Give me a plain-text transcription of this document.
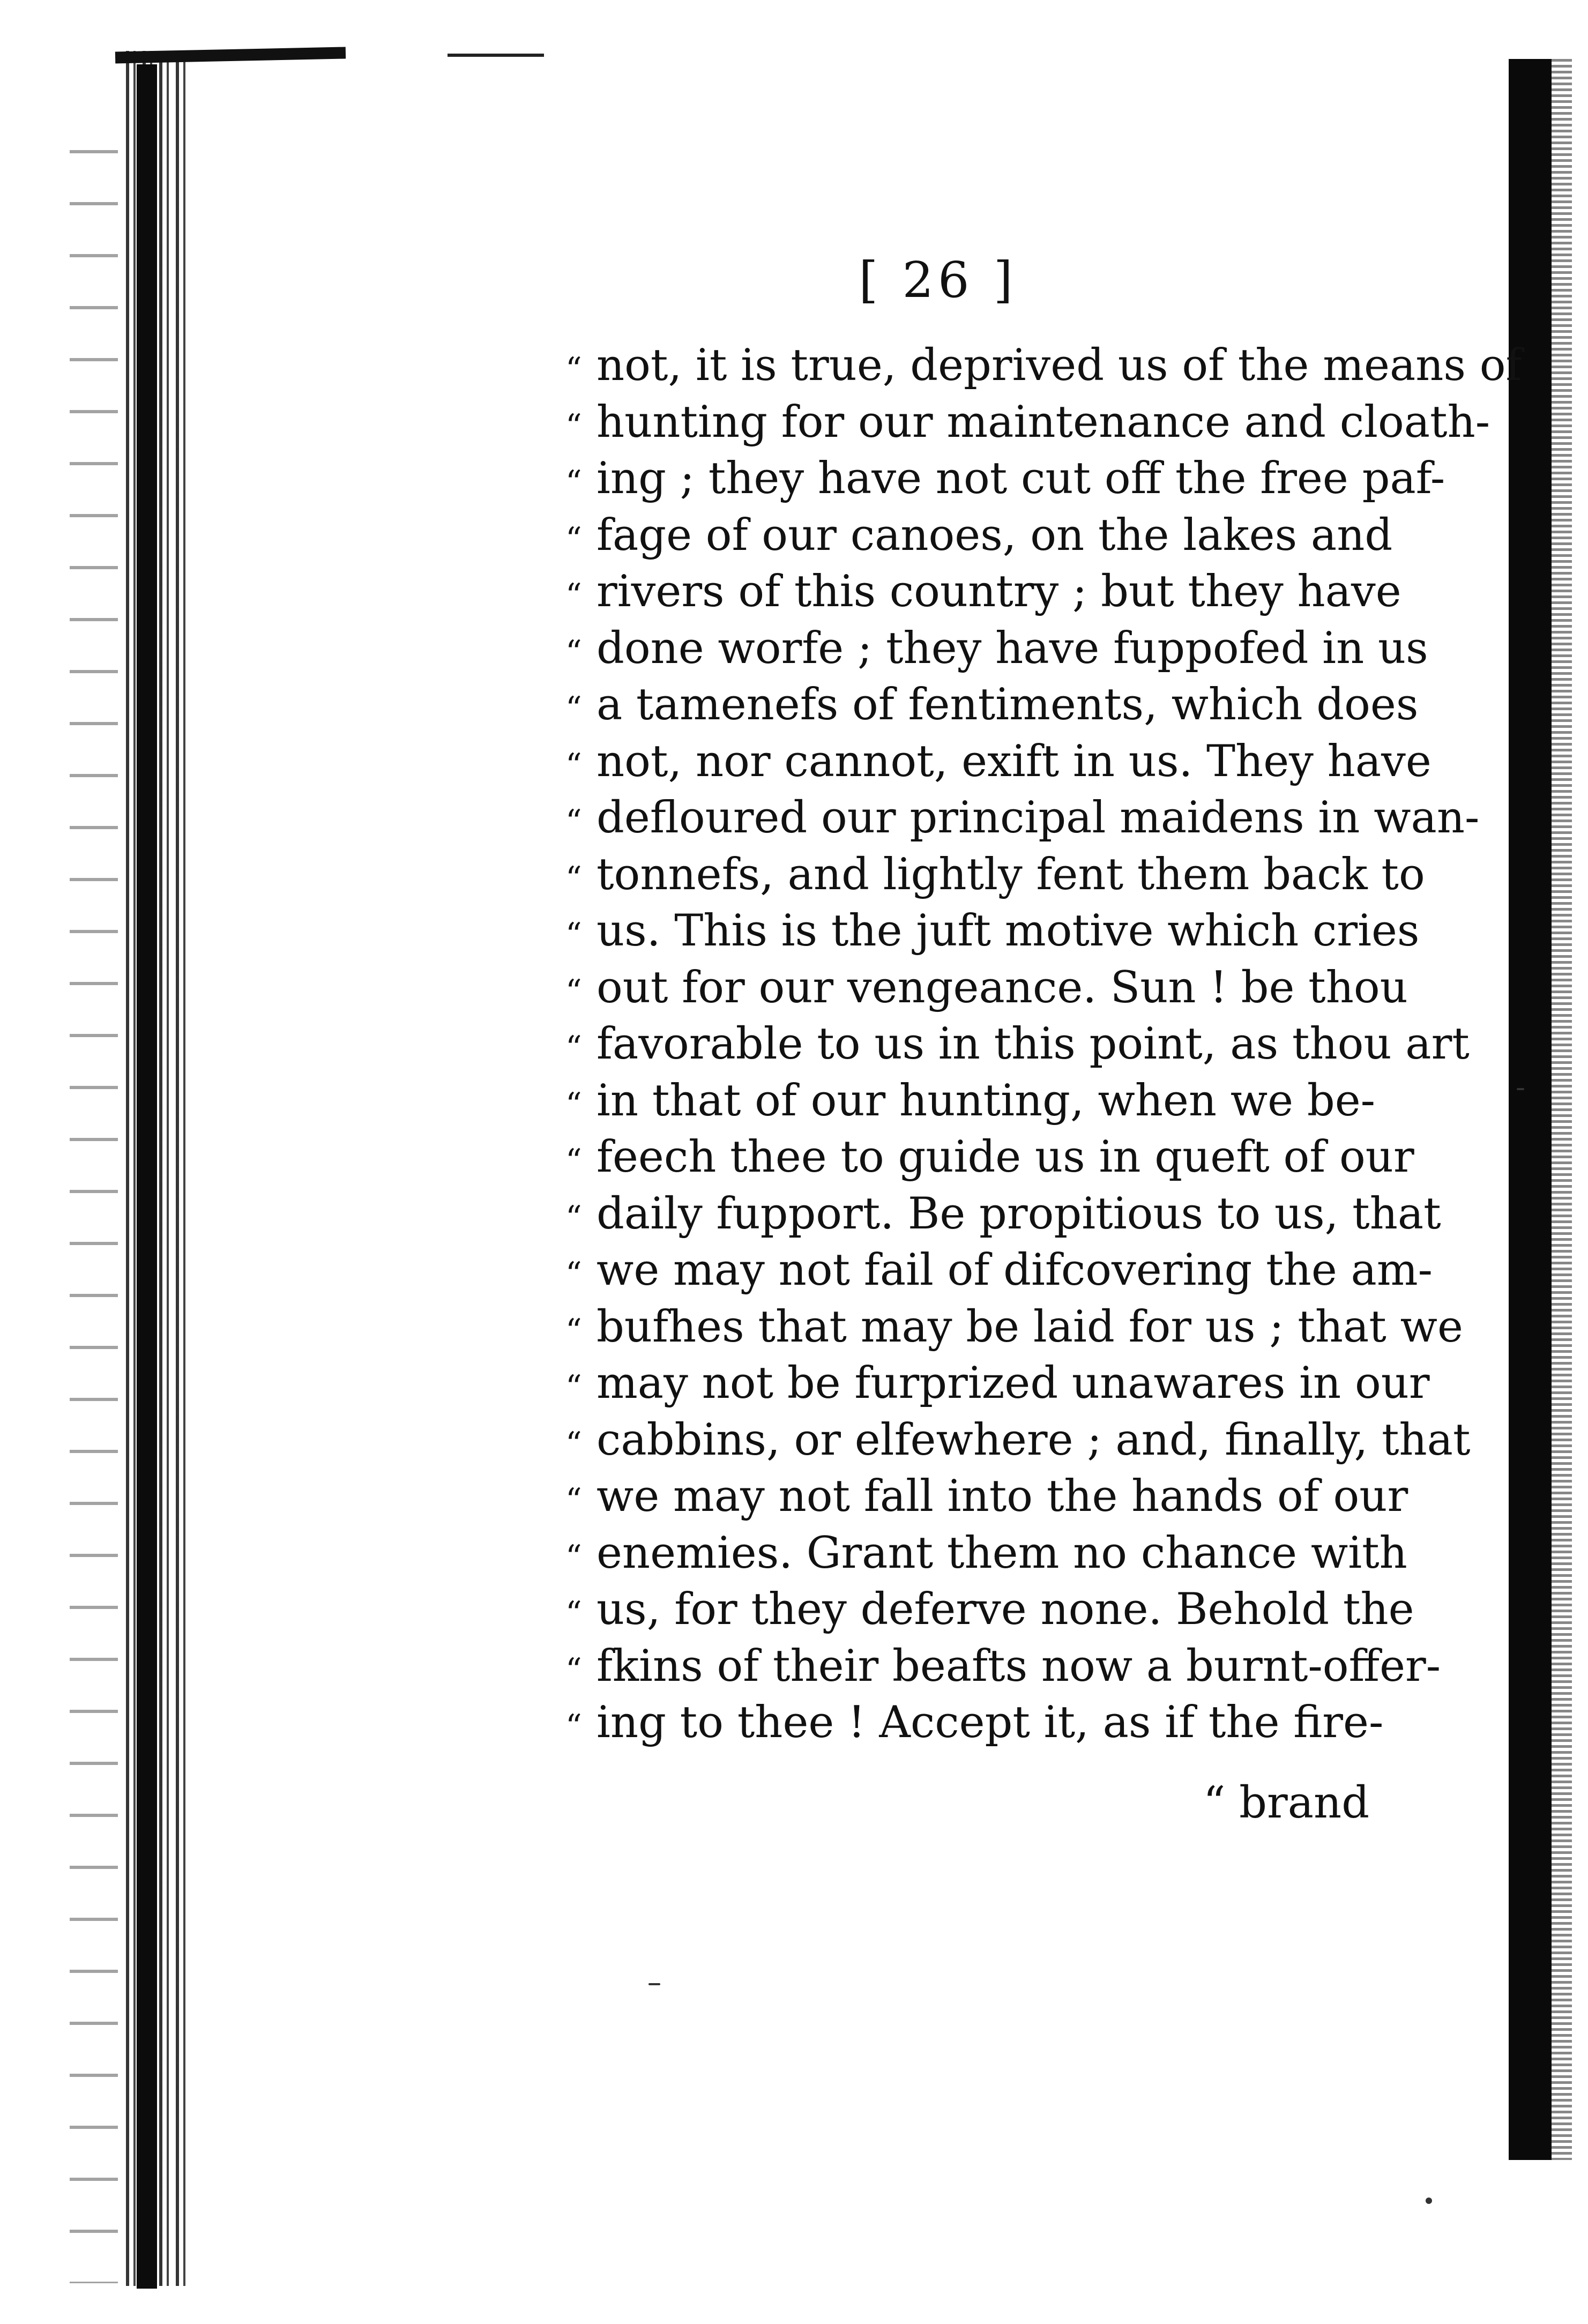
[ 26 ]
“ not, it is true, deprived us of the means of
“ hunting for our maintenance and cloath-
“ ing ; they have not cut off the free paf-
“ fage of our canoes, on the lakes and
“ rivers of this country ; but they have
“ done worfe ; they have fuppofed in us
“ a tamenefs of fentiments, which does
“ not, nor cannot, exift in us. They have
“ defloured our principal maidens in wan-
“ tonnefs, and lightly fent them back to
“ us. This is the juft motive which cries
“ out for our vengeance. Sun ! be thou
“ favorable to us in this point, as thou art
“ in that of our hunting, when we be-
“ feech thee to guide us in queft of our
“ daily fupport. Be propitious to us, that
“ we may not fail of difcovering the am-
“ bufhes that may be laid for us ; that we
“ may not be furprized unawares in our
“ cabbins, or elfewhere ; and, finally, that
“ we may not fall into the hands of our
“ enemies. Grant them no chance with
“ us, for they deferve none. Behold the
“ fkins of their beafts now a burnt-offer-
“ ing to thee ! Accept it, as if the fire-
“ brand
